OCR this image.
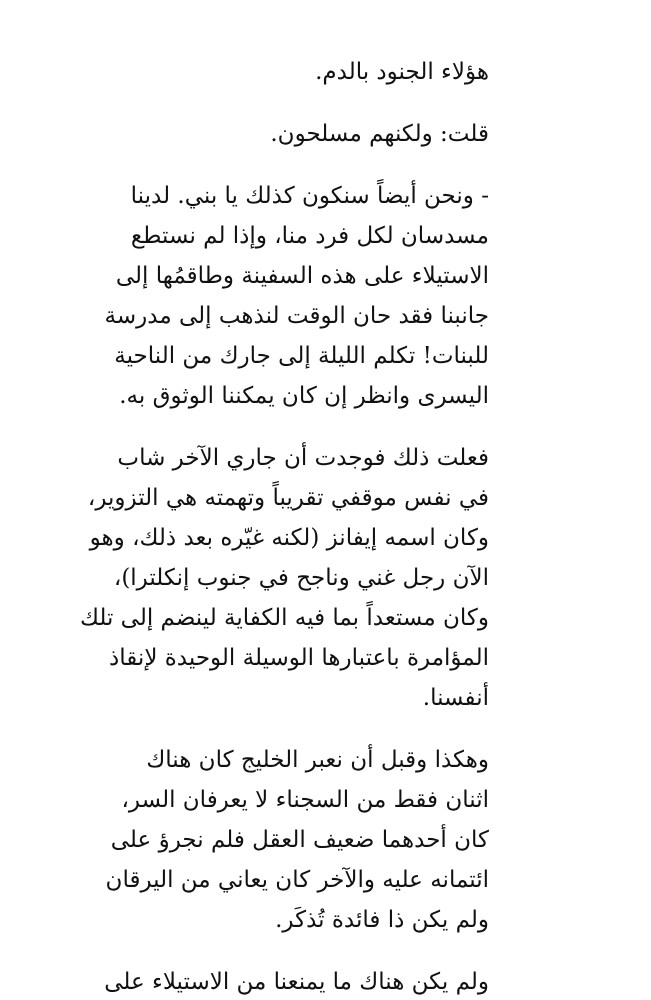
هؤلاء الجنود بالدم.
قلت: ولكنهم مسلحون.
- ونحن أيضاً سنكون كذلك يا بني. لدينا
مسدسان لكل فرد منا، وإذا لم نستطع
الاستيلاء على هذه السفينة وطاقمُها إلى
جانبنا فقد حان الوقت لنذهب إلى مدرسة
للبنات! تكلم الليلة إلى جارك من الناحية
اليسرى وانظر إن كان يمكننا الوثوق به.
فعلت ذلك فوجدت أن جاري الآخر شاب
في نفس موقفي تقريباً وتهمته هي التزوير،
وكان اسمه إيفانز (لكنه غيّره بعد ذلك، وهو
الآن رجل غني وناجح في جنوب إنكلترا)،
وكان مستعداً بما فيه الكفاية لينضم إلى تلك
المؤامرة باعتبارها الوسيلة الوحيدة لإنقاذ
أنفسنا.
وهكذا وقبل أن نعبر الخليج كان هناك
اثنان فقط من السجناء لا يعرفان السر،
كان أحدهما ضعيف العقل فلم نجرؤ على
ائتمانه عليه والآخر كان يعاني من اليرقان
ولم يكن ذا فائدة تُذكَر.
ولم يكن هناك ما يمنعنا من الاستيلاء على
